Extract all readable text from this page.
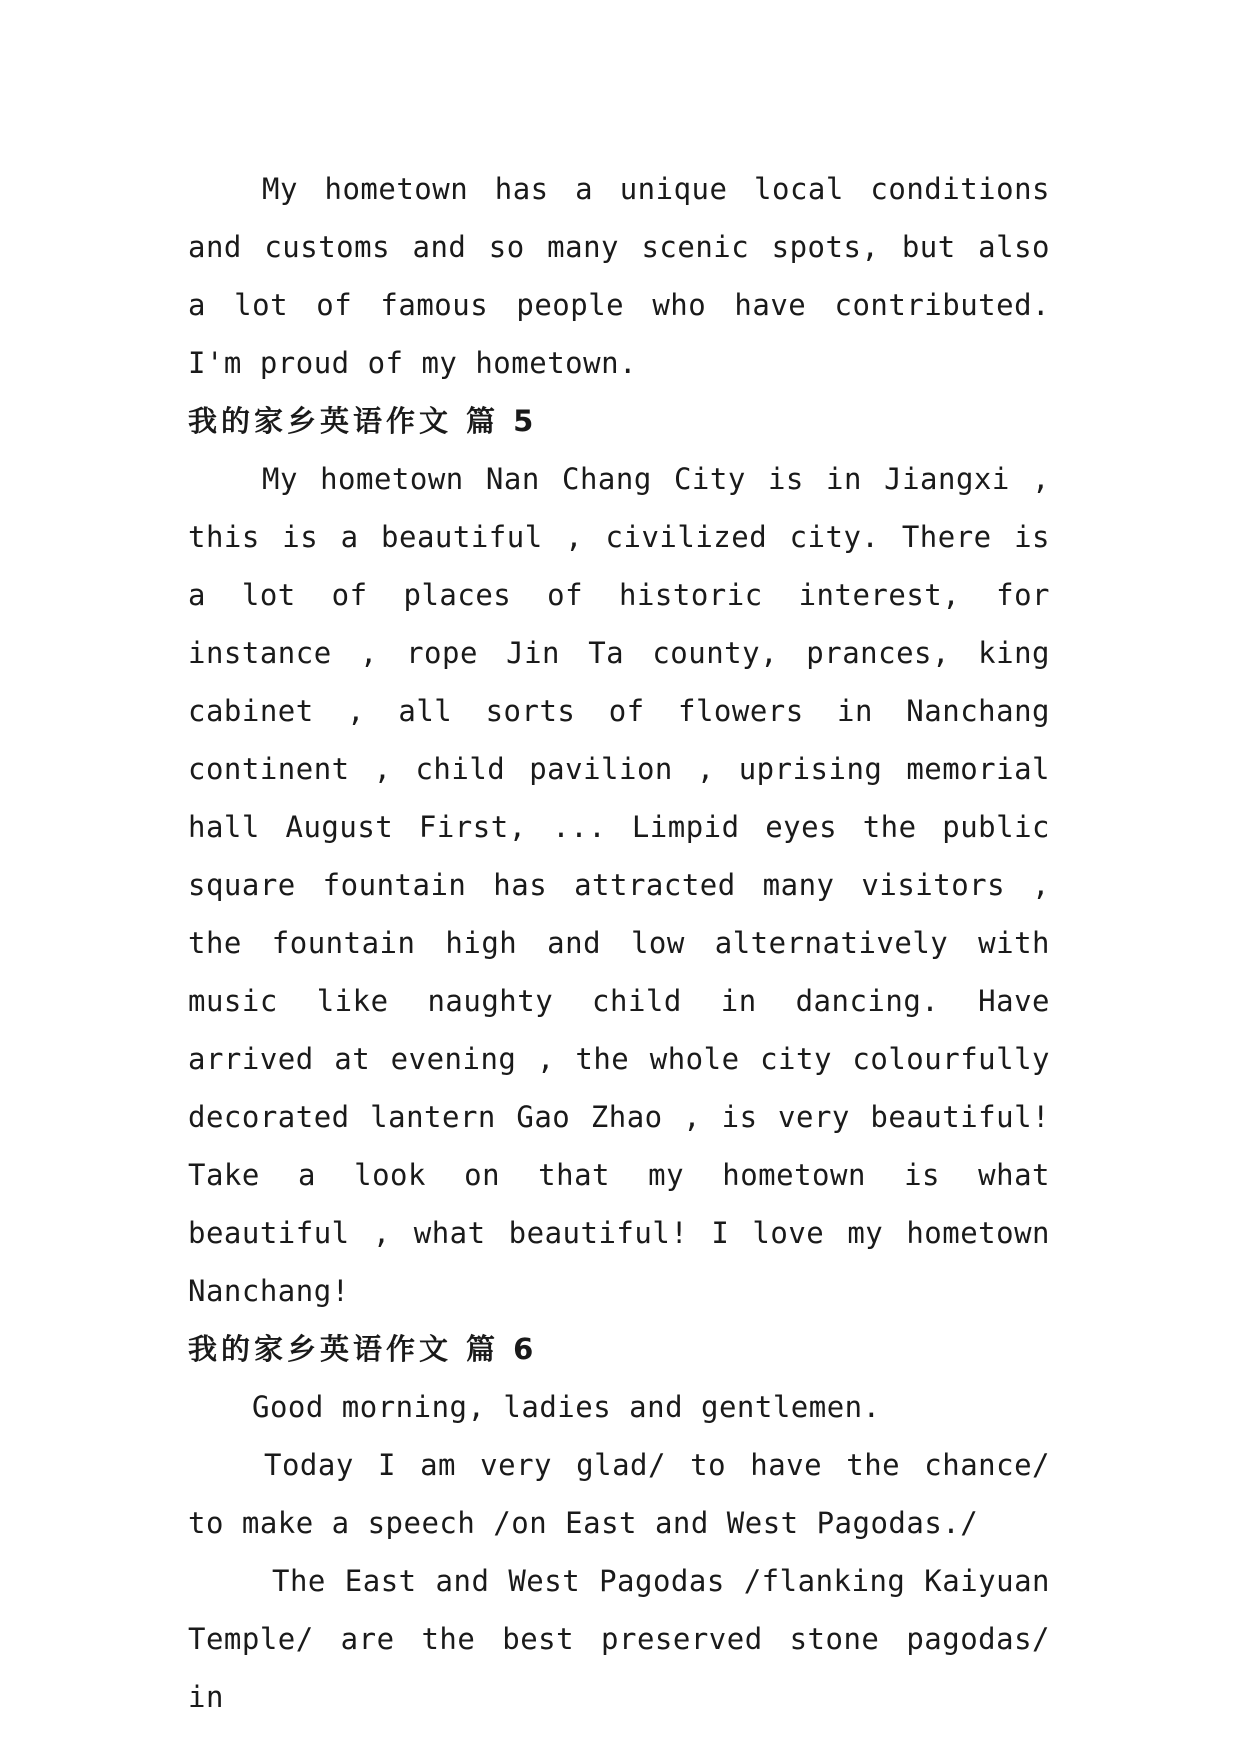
My hometown has a unique local conditions and customs and so many scenic spots, but also a lot of famous people who have contributed. I'm proud of my hometown.

我的家乡英语作文 篇 5

My hometown Nan Chang City is in Jiangxi , this is a beautiful , civilized city. There is a lot of places of historic interest, for instance , rope Jin Ta county, prances, king cabinet , all sorts of flowers in Nanchang continent , child pavilion , uprising memorial hall August First, ... Limpid eyes the public square fountain has attracted many visitors , the fountain high and low alternatively with music like naughty child in dancing. Have arrived at evening , the whole city colourfully decorated lantern Gao Zhao , is very beautiful! Take a look on that my hometown is what beautiful , what beautiful! I love my hometown Nanchang!

我的家乡英语作文 篇 6

Good morning, ladies and gentlemen.

Today I am very glad/ to have the chance/ to make a speech /on East and West Pagodas./

The East and West Pagodas /flanking Kaiyuan Temple/ are the best preserved stone pagodas/ in
